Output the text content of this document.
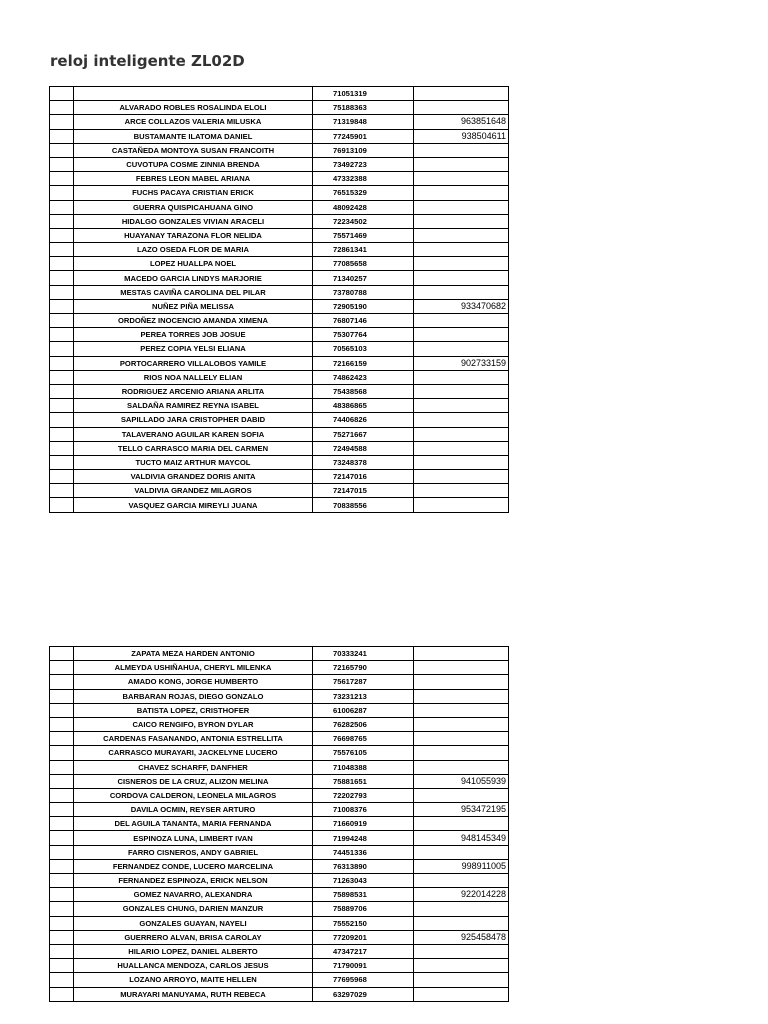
reloj inteligente ZL02D
		71051319	
	ALVARADO ROBLES ROSALINDA ELOLI	75188363	
	ARCE COLLAZOS VALERIA MILUSKA	71319848	963851648
	BUSTAMANTE ILATOMA DANIEL	77245901	938504611
	CASTAÑEDA MONTOYA SUSAN FRANCOITH	76913109	
	CUVOTUPA COSME ZINNIA BRENDA	73492723	
	FEBRES LEON MABEL ARIANA	47332388	
	FUCHS PACAYA CRISTIAN ERICK	76515329	
	GUERRA QUISPICAHUANA GINO	48092428	
	HIDALGO GONZALES VIVIAN ARACELI	72234502	
	HUAYANAY TARAZONA FLOR NELIDA	75571469	
	LAZO OSEDA FLOR DE MARIA	72861341	
	LOPEZ HUALLPA NOEL	77085658	
	MACEDO GARCIA LINDYS MARJORIE	71340257	
	MESTAS CAVIÑA CAROLINA DEL PILAR	73780788	
	NUÑEZ PIÑA MELISSA	72905190	933470682
	ORDOÑEZ INOCENCIO AMANDA XIMENA	76807146	
	PEREA TORRES JOB JOSUE	75307764	
	PEREZ COPIA YELSI ELIANA	70565103	
	PORTOCARRERO VILLALOBOS YAMILE	72166159	902733159
	RIOS NOA NALLELY ELIAN	74862423	
	RODRIGUEZ ARCENIO ARIANA ARLITA	75438568	
	SALDAÑA RAMIREZ REYNA ISABEL	48386865	
	SAPILLADO JARA CRISTOPHER DABID	74406826	
	TALAVERANO AGUILAR KAREN SOFIA	75271667	
	TELLO CARRASCO MARIA DEL CARMEN	72494588	
	TUCTO MAIZ ARTHUR MAYCOL	73248378	
	VALDIVIA GRANDEZ DORIS ANITA	72147016	
	VALDIVIA GRANDEZ MILAGROS	72147015	
	VASQUEZ GARCIA MIREYLI JUANA	70838556	
	ZAPATA MEZA HARDEN ANTONIO	70333241	
	ALMEYDA USHIÑAHUA, CHERYL MILENKA	72165790	
	AMADO KONG, JORGE HUMBERTO	75617287	
	BARBARAN ROJAS, DIEGO GONZALO	73231213	
	BATISTA LOPEZ, CRISTHOFER	61006287	
	CAICO RENGIFO, BYRON DYLAR	76282506	
	CARDENAS FASANANDO, ANTONIA ESTRELLITA	76698765	
	CARRASCO MURAYARI, JACKELYNE LUCERO	75576105	
	CHAVEZ SCHARFF, DANFHER	71048388	
	CISNEROS DE LA CRUZ, ALIZON MELINA	75881651	941055939
	CORDOVA CALDERON, LEONELA MILAGROS	72202793	
	DAVILA OCMIN, REYSER ARTURO	71008376	953472195
	DEL AGUILA TANANTA, MARIA FERNANDA	71660919	
	ESPINOZA LUNA, LIMBERT IVAN	71994248	948145349
	FARRO CISNEROS, ANDY GABRIEL	74451336	
	FERNANDEZ CONDE, LUCERO MARCELINA	76313890	998911005
	FERNANDEZ ESPINOZA, ERICK NELSON	71263043	
	GOMEZ NAVARRO, ALEXANDRA	75898531	922014228
	GONZALES CHUNG, DARIEN MANZUR	75889706	
	GONZALES GUAYAN, NAYELI	75552150	
	GUERRERO ALVAN, BRISA CAROLAY	77209201	925458478
	HILARIO LOPEZ, DANIEL ALBERTO	47347217	
	HUALLANCA MENDOZA, CARLOS JESUS	71790091	
	LOZANO ARROYO, MAITE HELLEN	77695968	
	MURAYARI MANUYAMA, RUTH REBECA	63297029	
